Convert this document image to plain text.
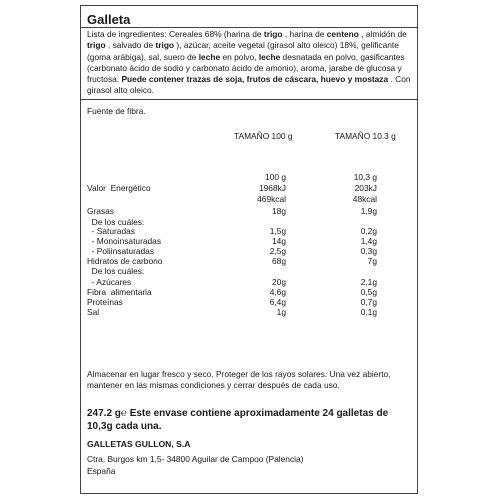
Galleta
Lista de ingredientes: Cereales 68% (harina de trigo , harina de centeno , almidón de trigo , salvado de trigo ), azúcar, aceite vegetal (girasol alto oleico) 18%, gelificante (goma arábiga), sal, suero de leche en polvo, leche desnatada en polvo, gasificantes (carbonato ácido de sodio y carbonato ácido de amonio), aroma, jarabe de glucosa y fructosa. Puede contener trazas de soja, frutos de cáscara, huevo y mostaza . Con girasol alto oleico.
Fuente de fibra.
TAMAÑO 100 g	TAMAÑO 10.3 g
100 g	10,3 g
Valor  Energético	1968kJ	203kJ
469kcal	48kcal
Grasas	18g	1,9g
De los cuáles:
- Saturadas	1,5g	0,2g
- Monoinsaturadas	14g	1,4g
- Poliinsaturadas	2,5g	0,3g
Hidratos de carbono	68g	7g
De los cuáles:
- Azúcares	20g	2,1g
Fibra  alimentaria	4,6g	0,5g
Proteínas	6,4g	0,7g
Sal	1g	0,1g
Almacenar en lugar fresco y seco. Proteger de los rayos solares. Una vez abierto, mantener en las mismas condiciones y cerrar después de cada uso.
247.2 g℮ Este envase contiene aproximadamente 24 galletas de 10,3g cada una.
GALLETAS GULLON, S.A
Ctra. Burgos km 1,5- 34800 Aguilar de Campoo (Palencia)
España
